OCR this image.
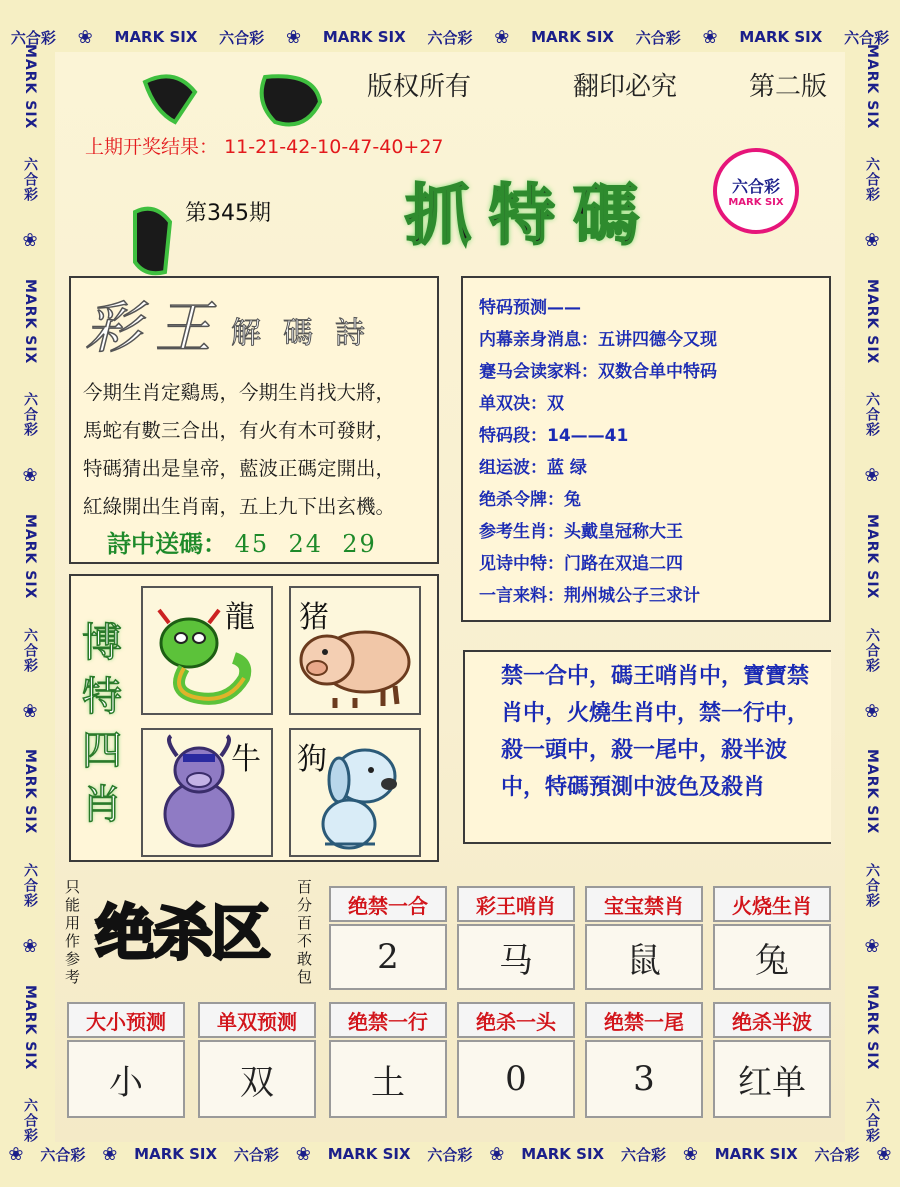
六合彩 ❀ MARK SIX 六合彩 ❀ MARK SIX 六合彩 ❀ MARK SIX 六合彩 ❀ MARK SIX 六合彩
❀ 六合彩 ❀ MARK SIX 六合彩 ❀ MARK SIX 六合彩 ❀ MARK SIX 六合彩 ❀ MARK SIX 六合彩 ❀
MARK SIX
六合彩
❀
MARK SIX
六合彩
❀
MARK SIX
六合彩
❀
MARK SIX
六合彩
❀
MARK SIX
六合彩
MARK SIX
六合彩
❀
MARK SIX
六合彩
❀
MARK SIX
六合彩
❀
MARK SIX
六合彩
❀
MARK SIX
六合彩
版权所有	翻印必究	第二版
上期开奖结果： 11-21-42-10-47-40+27
第345期 抓特碼	六合彩
MARK SIX
彩王 解碼詩
今期生肖定鷄馬，今期生肖找大將，
馬蛇有數三合出，有火有木可發財，
特碼猜出是皇帝，藍波正碼定開出，
紅綠開出生肖南，五上九下出玄機。
詩中送碼： 45  24  29
特码预测——
内幕亲身消息：五讲四德今又现
蹇马会读家料：双数合单中特码
单双决：双
特码段：14——41
组运波：蓝 绿
绝杀令牌：兔
参考生肖：头戴皇冠称大王
见诗中特：门路在双追二四
一言来料：荆州城公子三求计
博特四肖
龍 猪
牛 狗
禁一合中，碼王哨肖中，寶寶禁肖中，火燒生肖中，禁一行中，殺一頭中，殺一尾中，殺半波中，特碼預測中波色及殺肖
只能用作参考
绝杀区
百分百不敢包
绝禁一合	彩王哨肖	宝宝禁肖	火烧生肖
2	马	鼠	兔
大小预测	单双预测	绝禁一行	绝杀一头	绝禁一尾	绝杀半波
小	双	土	0	3	红单
